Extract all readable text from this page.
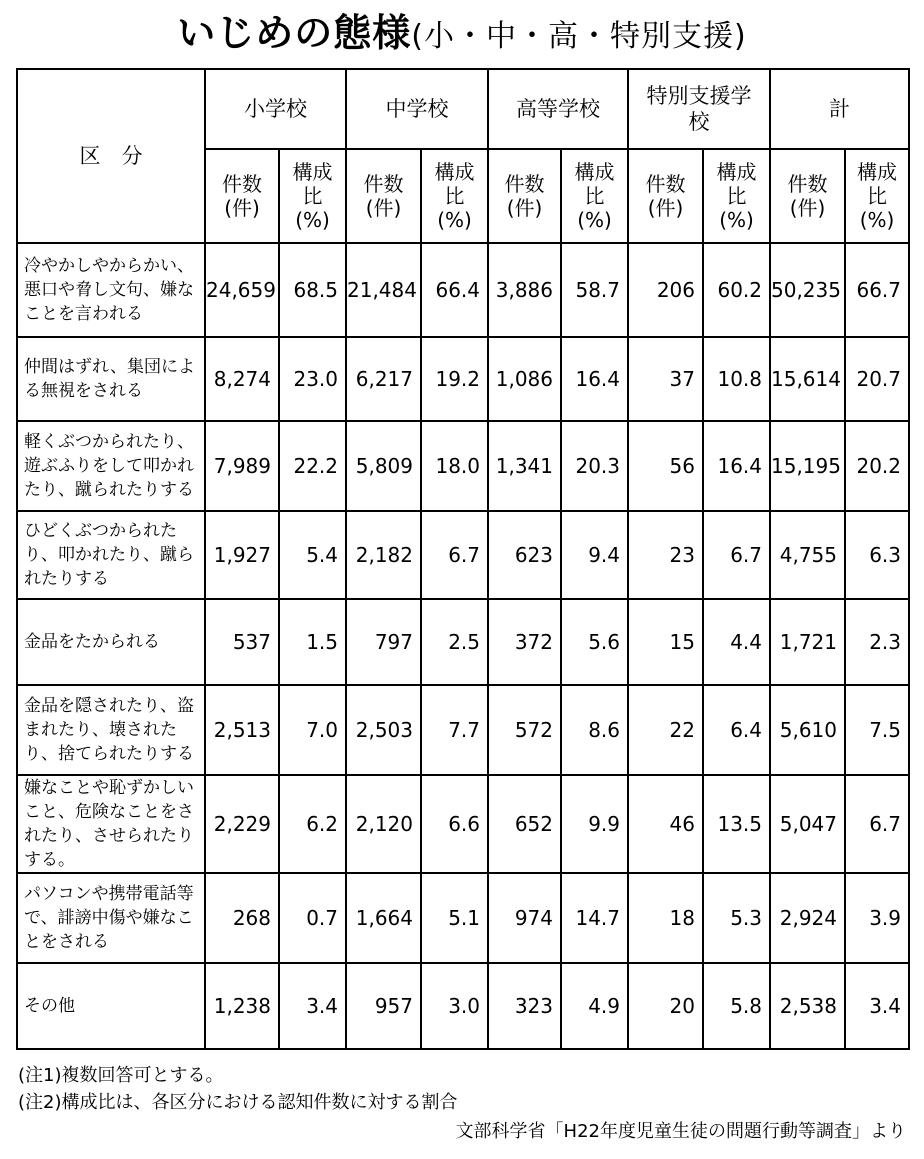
いじめの態様(小・中・高・特別支援)
区　分	小学校		中学校		高等学校		特別支援学校		計	

	件数(件)	構成比(%)	件数(件)	構成比(%)	件数(件)	構成比(%)	件数(件)	構成比(%)	件数(件)	構成比(%)

冷やかしやからかい、悪口や脅し文句、嫌なことを言われる	24,659	68.5	21,484	66.4	3,886	58.7	206	60.2	50,235	66.7
仲間はずれ、集団による無視をされる	8,274	23.0	6,217	19.2	1,086	16.4	37	10.8	15,614	20.7
軽くぶつかられたり、遊ぶふりをして叩かれたり、蹴られたりする	7,989	22.2	5,809	18.0	1,341	20.3	56	16.4	15,195	20.2
ひどくぶつかられたり、叩かれたり、蹴られたりする	1,927	5.4	2,182	6.7	623	9.4	23	6.7	4,755	6.3
金品をたかられる	537	1.5	797	2.5	372	5.6	15	4.4	1,721	2.3
金品を隠されたり、盗まれたり、壊されたり、捨てられたりする	2,513	7.0	2,503	7.7	572	8.6	22	6.4	5,610	7.5
嫌なことや恥ずかしいこと、危険なことをされたり、させられたりする。	2,229	6.2	2,120	6.6	652	9.9	46	13.5	5,047	6.7
パソコンや携帯電話等で、誹謗中傷や嫌なことをされる	268	0.7	1,664	5.1	974	14.7	18	5.3	2,924	3.9
その他	1,238	3.4	957	3.0	323	4.9	20	5.8	2,538	3.4
(注1)複数回答可とする。
(注2)構成比は、各区分における認知件数に対する割合
文部科学省「H22年度児童生徒の問題行動等調査」より
